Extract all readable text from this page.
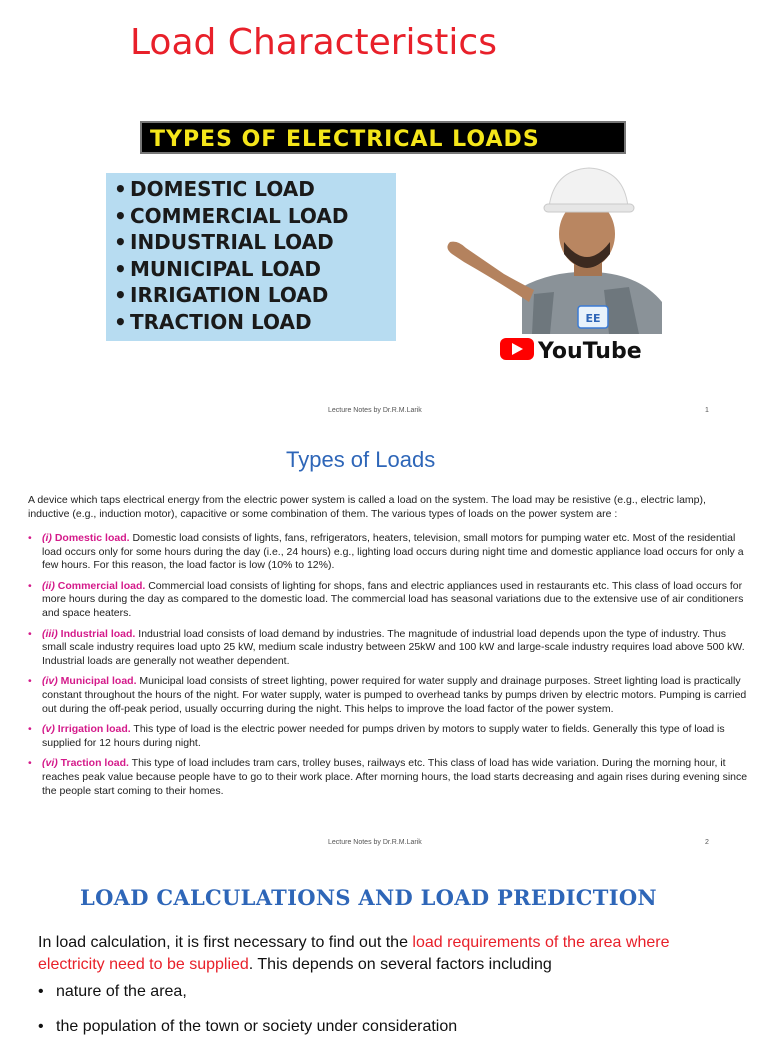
Load Characteristics
TYPES OF ELECTRICAL LOADS
• DOMESTIC LOAD
• COMMERCIAL LOAD
• INDUSTRIAL LOAD
• MUNICIPAL LOAD
• IRRIGATION LOAD
• TRACTION LOAD	EE
YouTube
Lecture Notes by Dr.R.M.Larik	1
Types of Loads
A device which taps electrical energy from the electric power system is called a load on the system. The load may be resistive (e.g., electric lamp), inductive (e.g., induction motor), capacitive or some combination of them. The various types of loads on the power system are :
• (i) Domestic load. Domestic load consists of lights, fans, refrigerators, heaters, television, small motors for pumping water etc. Most of the residential load occurs only for some hours during the day (i.e., 24 hours) e.g., lighting load occurs during night time and domestic appliance load occurs for only a few hours. For this reason, the load factor is low (10% to 12%).
• (ii) Commercial load. Commercial load consists of lighting for shops, fans and electric appliances used in restaurants etc. This class of load occurs for more hours during the day as compared to the domestic load. The commercial load has seasonal variations due to the extensive use of air conditioners and space heaters.
• (iii) Industrial load. Industrial load consists of load demand by industries. The magnitude of industrial load depends upon the type of industry. Thus small scale industry requires load upto 25 kW, medium scale industry between 25kW and 100 kW and large-scale industry requires load above 500 kW. Industrial loads are generally not weather dependent.
• (iv) Municipal load. Municipal load consists of street lighting, power required for water supply and drainage purposes. Street lighting load is practically constant throughout the hours of the night. For water supply, water is pumped to overhead tanks by pumps driven by electric motors. Pumping is carried out during the off-peak period, usually occurring during the night. This helps to improve the load factor of the power system.
• (v) Irrigation load. This type of load is the electric power needed for pumps driven by motors to supply water to fields. Generally this type of load is supplied for 12 hours during night.
• (vi) Traction load. This type of load includes tram cars, trolley buses, railways etc. This class of load has wide variation. During the morning hour, it reaches peak value because people have to go to their work place. After morning hours, the load starts decreasing and again rises during evening since the people start coming to their homes.
Lecture Notes by Dr.R.M.Larik	2
LOAD CALCULATIONS AND LOAD PREDICTION
In load calculation, it is first necessary to find out the load requirements of the area where electricity need to be supplied. This depends on several factors including
• nature of the area,
• the population of the town or society under consideration
